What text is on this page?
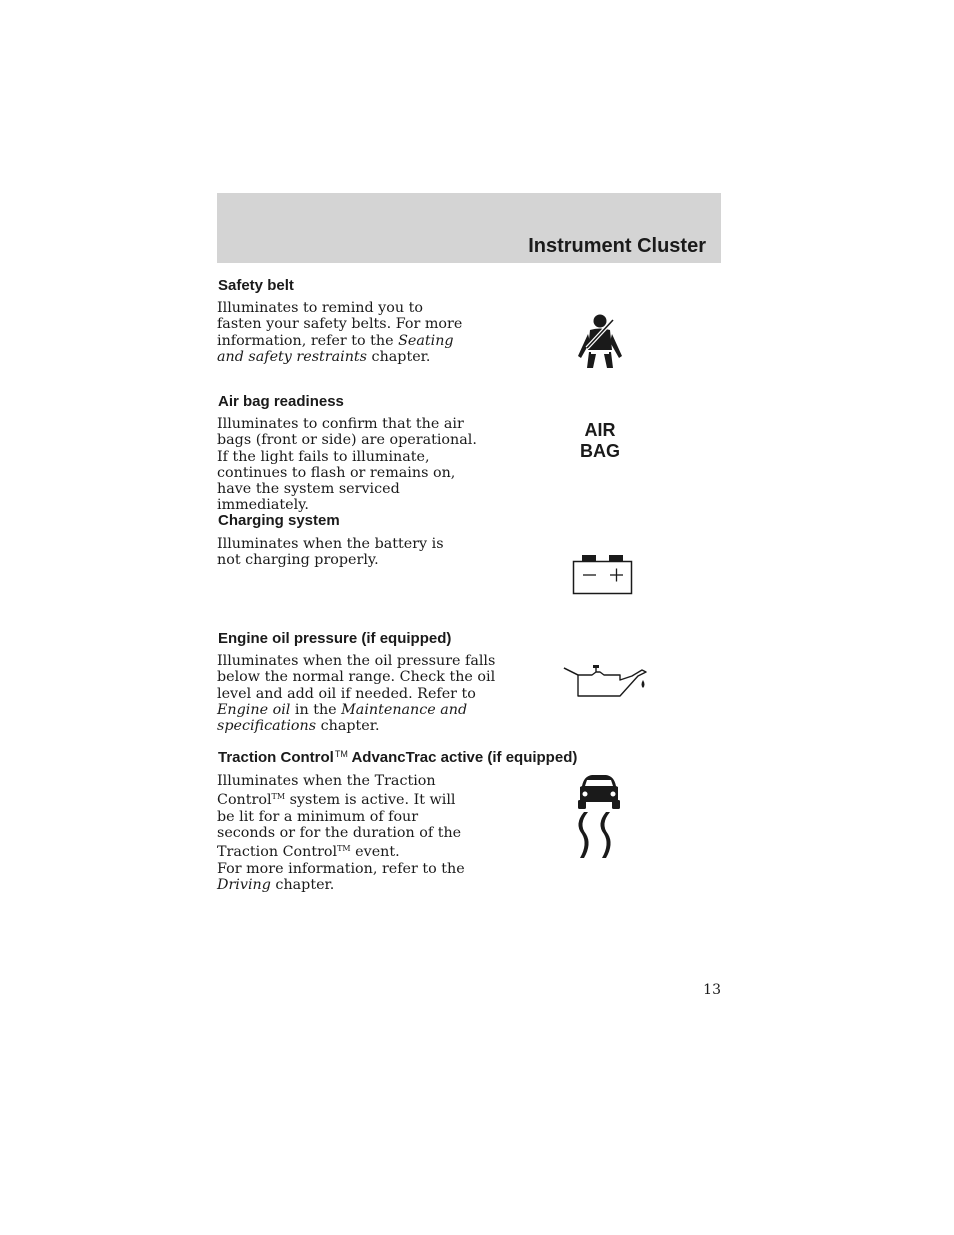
Instrument Cluster
Safety belt

Illuminates to remind you to fasten your safety belts. For more information, refer to the Seating and safety restraints chapter.

Air bag readiness

Illuminates to confirm that the air bags (front or side) are operational. If the light fails to illuminate, continues to flash or remains on, have the system serviced immediately.

AIR
BAG
Charging system

Illuminates when the battery is not charging properly.

Engine oil pressure (if equipped)

Illuminates when the oil pressure falls below the normal range. Check the oil level and add oil if needed. Refer to Engine oil in the Maintenance and specifications chapter.

Traction Control™ AdvancTrac active (if equipped)

Illuminates when the Traction Control™ system is active. It will be lit for a minimum of four seconds or for the duration of the Traction Control™ event.

For more information, refer to the Driving chapter.

13
